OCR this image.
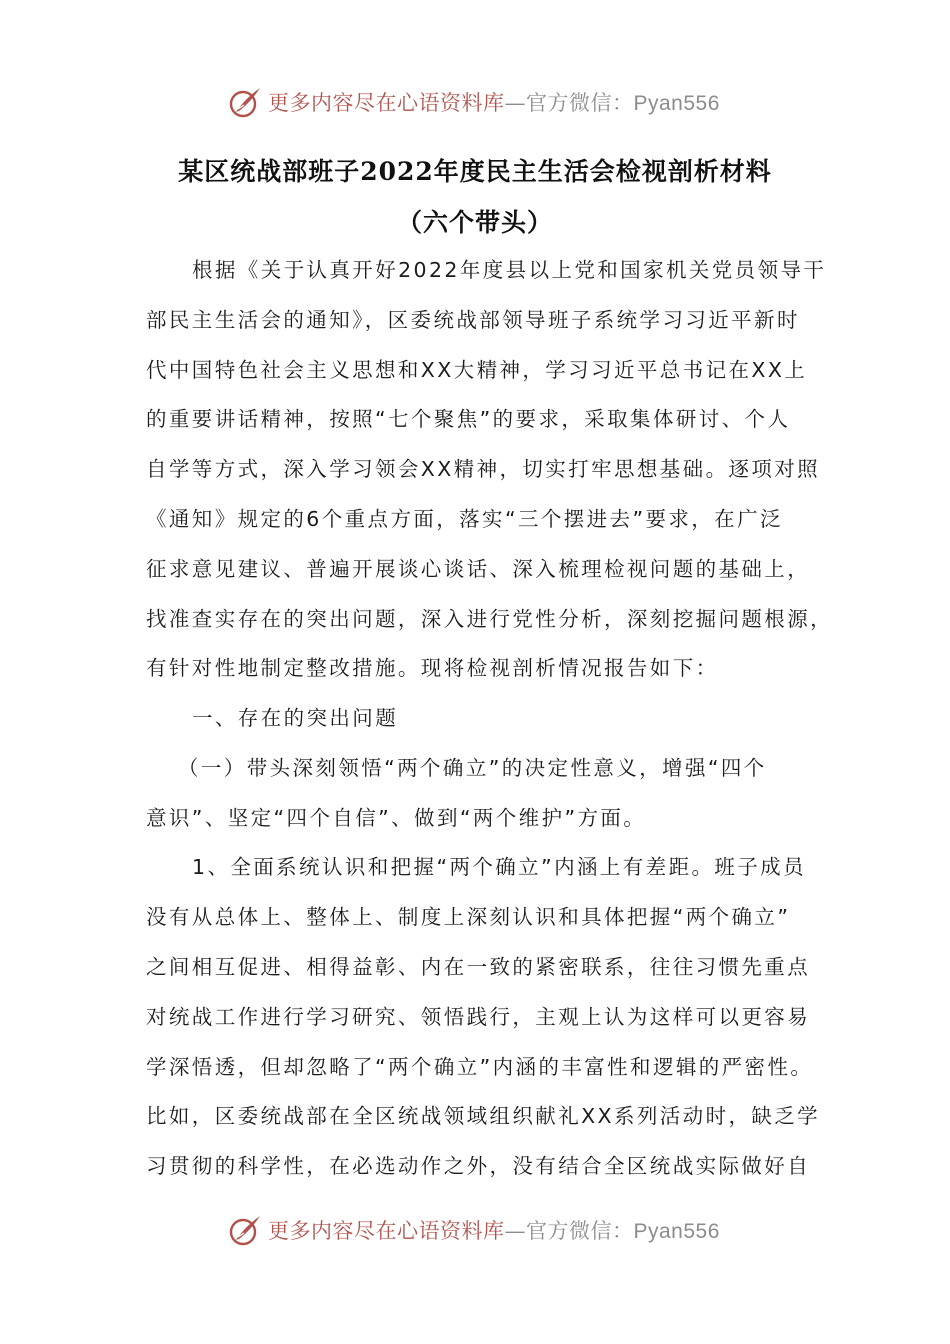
更多内容尽在心语资料库—官方微信：Pyan556
某区统战部班子2022年度民主生活会检视剖析材料
（六个带头）
根据《关于认真开好2022年度县以上党和国家机关党员领导干
部民主生活会的通知》，区委统战部领导班子系统学习习近平新时
代中国特色社会主义思想和XX大精神，学习习近平总书记在XX上
的重要讲话精神，按照“七个聚焦”的要求，采取集体研讨、个人
自学等方式，深入学习领会XX精神，切实打牢思想基础。逐项对照
《通知》规定的6个重点方面，落实“三个摆进去”要求，在广泛
征求意见建议、普遍开展谈心谈话、深入梳理检视问题的基础上，
找准查实存在的突出问题，深入进行党性分析，深刻挖掘问题根源，
有针对性地制定整改措施。现将检视剖析情况报告如下：
一、存在的突出问题
（一）带头深刻领悟“两个确立”的决定性意义，增强“四个
意识”、坚定“四个自信”、做到“两个维护”方面。
1、全面系统认识和把握“两个确立”内涵上有差距。班子成员
没有从总体上、整体上、制度上深刻认识和具体把握“两个确立”
之间相互促进、相得益彰、内在一致的紧密联系，往往习惯先重点
对统战工作进行学习研究、领悟践行，主观上认为这样可以更容易
学深悟透，但却忽略了“两个确立”内涵的丰富性和逻辑的严密性。
比如，区委统战部在全区统战领域组织献礼XX系列活动时，缺乏学
习贯彻的科学性，在必选动作之外，没有结合全区统战实际做好自
更多内容尽在心语资料库—官方微信：Pyan556
